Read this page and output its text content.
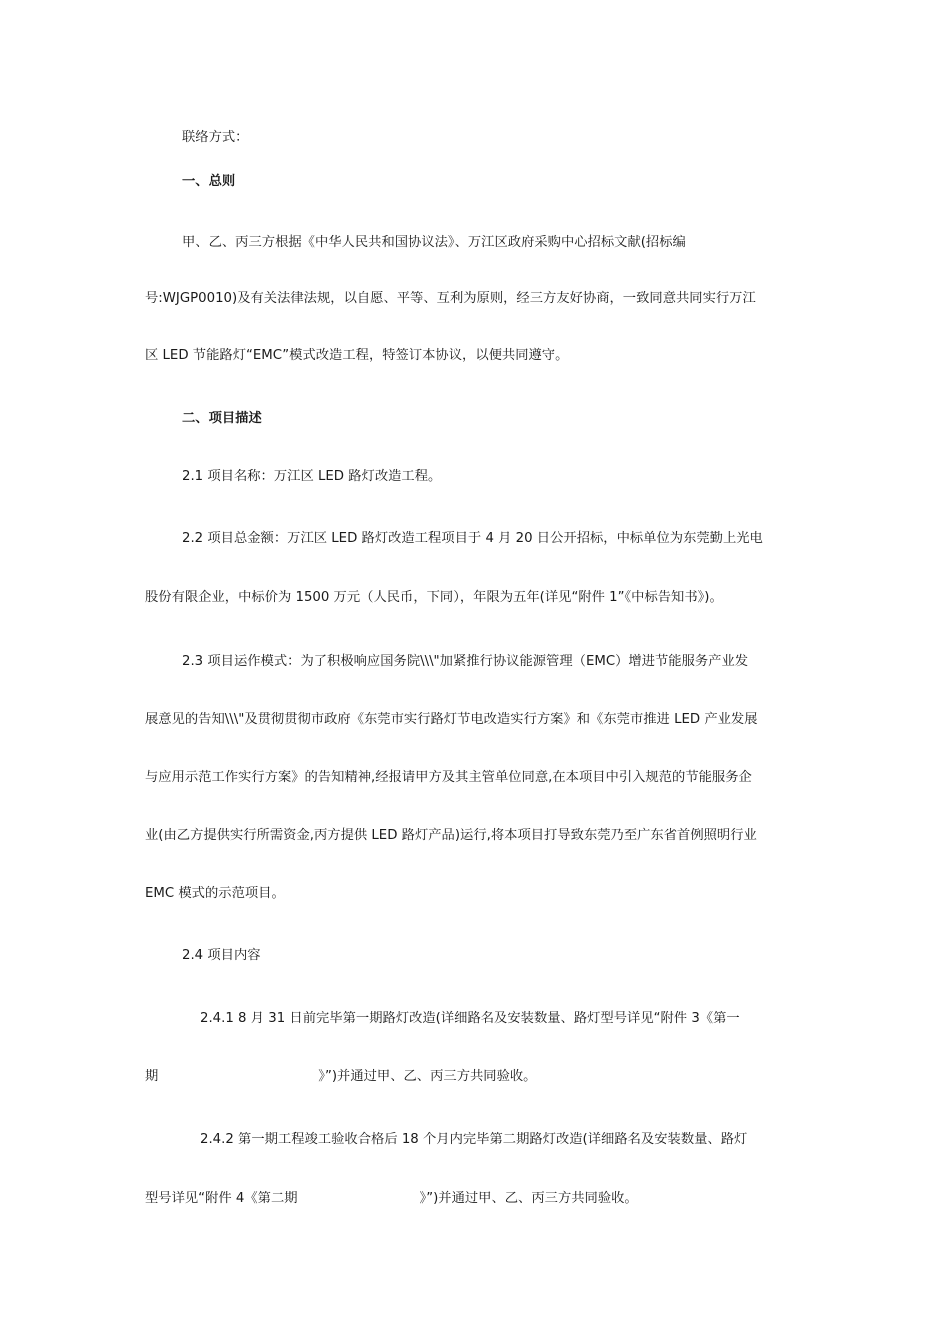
联络方式：
一、总则
甲、乙、丙三方根据《中华人民共和国协议法》、万江区政府采购中心招标文献(招标编
号:WJGP0010)及有关法律法规，以自愿、平等、互利为原则，经三方友好协商，一致同意共同实行万江
区 LED 节能路灯“EMC”模式改造工程，特签订本协议，以便共同遵守。
二、项目描述
2.1 项目名称：万江区 LED 路灯改造工程。
2.2 项目总金额：万江区 LED 路灯改造工程项目于 4 月 20 日公开招标，中标单位为东莞勤上光电
股份有限企业，中标价为 1500 万元（人民币，下同），年限为五年(详见“附件 1”《中标告知书》)。
2.3 项目运作模式：为了积极响应国务院\\\"加紧推行协议能源管理（EMC）增进节能服务产业发
展意见的告知\\\"及贯彻贯彻市政府《东莞市实行路灯节电改造实行方案》和《东莞市推进 LED 产业发展
与应用示范工作实行方案》的告知精神,经报请甲方及其主管单位同意,在本项目中引入规范的节能服务企
业(由乙方提供实行所需资金,丙方提供 LED 路灯产品)运行,将本项目打导致东莞乃至广东省首例照明行业
EMC 模式的示范项目。
2.4 项目内容
2.4.1 8 月 31 日前完毕第一期路灯改造(详细路名及安装数量、路灯型号详见“附件 3《第一
期	》”)并通过甲、乙、丙三方共同验收。
2.4.2 第一期工程竣工验收合格后 18 个月内完毕第二期路灯改造(详细路名及安装数量、路灯
型号详见“附件 4《第二期	》”)并通过甲、乙、丙三方共同验收。
